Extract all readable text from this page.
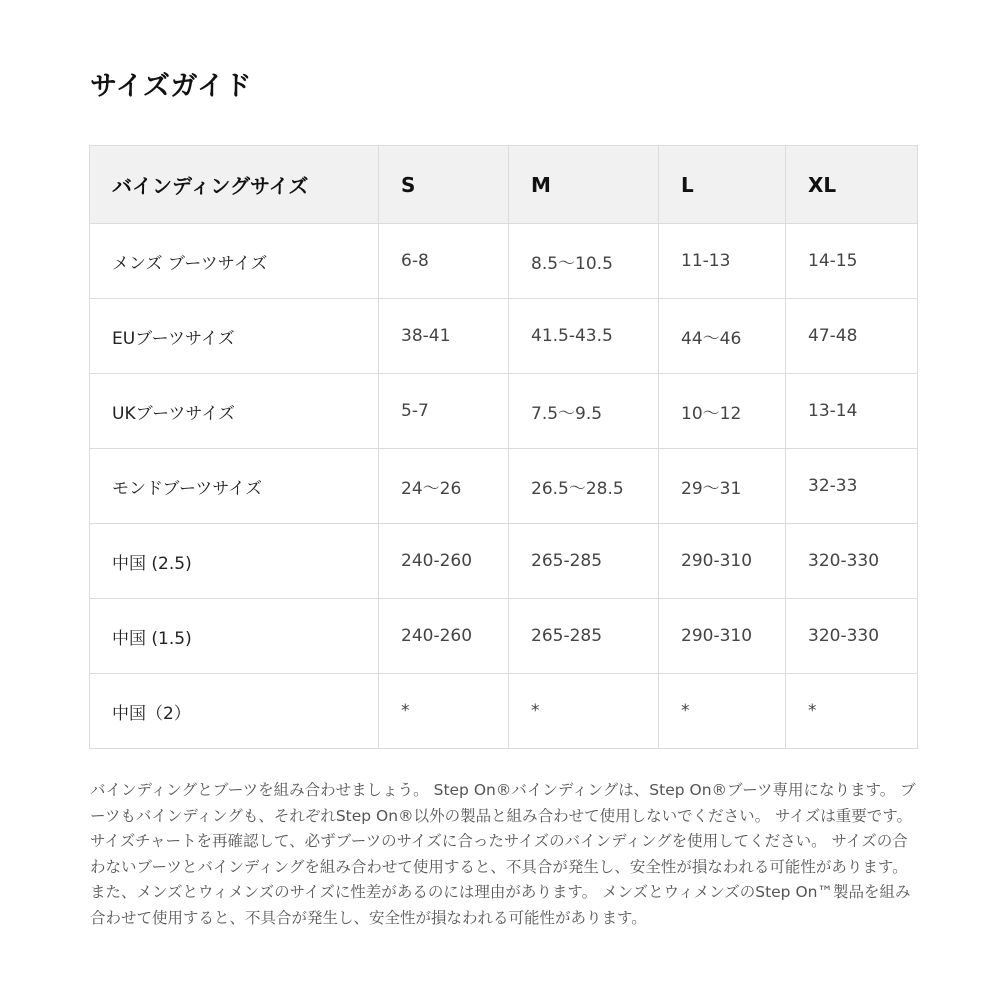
サイズガイド
バインディングサイズ	S	M	L	XL
メンズ ブーツサイズ	6-8	8.5～10.5	11-13	14-15
EUブーツサイズ	38-41	41.5-43.5	44～46	47-48
UKブーツサイズ	5-7	7.5～9.5	10～12	13-14
モンドブーツサイズ	24～26	26.5～28.5	29～31	32-33
中国 (2.5)	240-260	265-285	290-310	320-330
中国 (1.5)	240-260	265-285	290-310	320-330
中国（2）	*	*	*	*

バインディングとブーツを組み合わせましょう。 Step On®バインディングは、Step On®ブーツ専用になります。 ブーツもバインディングも、それぞれStep On®以外の製品と組み合わせて使用しないでください。 サイズは重要です。 サイズチャートを再確認して、必ずブーツのサイズに合ったサイズのバインディングを使用してください。 サイズの合わないブーツとバインディングを組み合わせて使用すると、不具合が発生し、安全性が損なわれる可能性があります。 また、メンズとウィメンズのサイズに性差があるのには理由があります。 メンズとウィメンズのStep On™製品を組み合わせて使用すると、不具合が発生し、安全性が損なわれる可能性があります。
